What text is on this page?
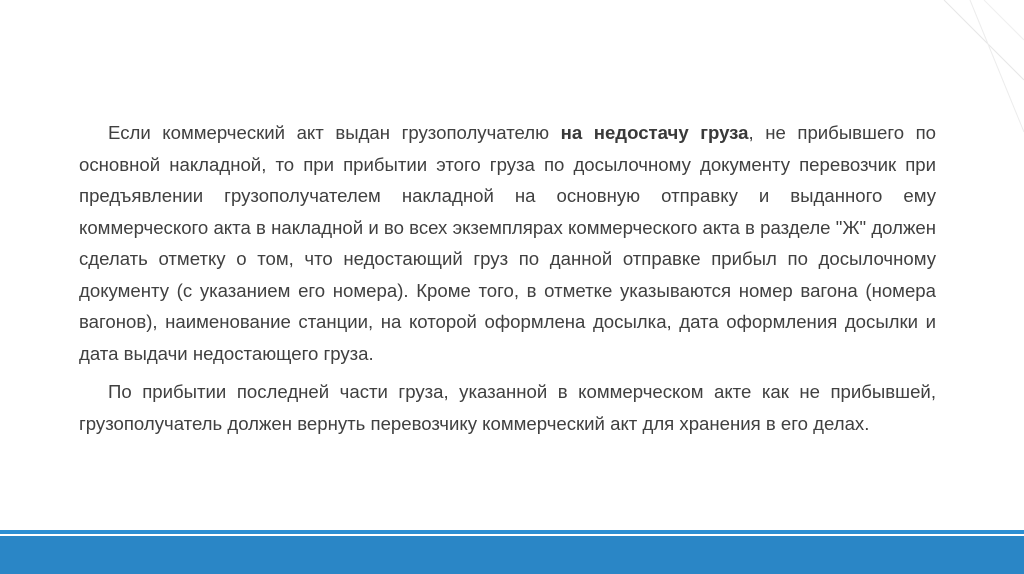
Если коммерческий акт выдан грузополучателю на недостачу груза, не прибывшего по основной накладной, то при прибытии этого груза по досылочному документу перевозчик при предъявлении грузополучателем накладной на основную отправку и выданного ему коммерческого акта в накладной и во всех экземплярах коммерческого акта в разделе "Ж" должен сделать отметку о том, что недостающий груз по данной отправке прибыл по досылочному документу (с указанием его номера). Кроме того, в отметке указываются номер вагона (номера вагонов), наименование станции, на которой оформлена досылка, дата оформления досылки и дата выдачи недостающего груза.

По прибытии последней части груза, указанной в коммерческом акте как не прибывшей, грузополучатель должен вернуть перевозчику коммерческий акт для хранения в его делах.
